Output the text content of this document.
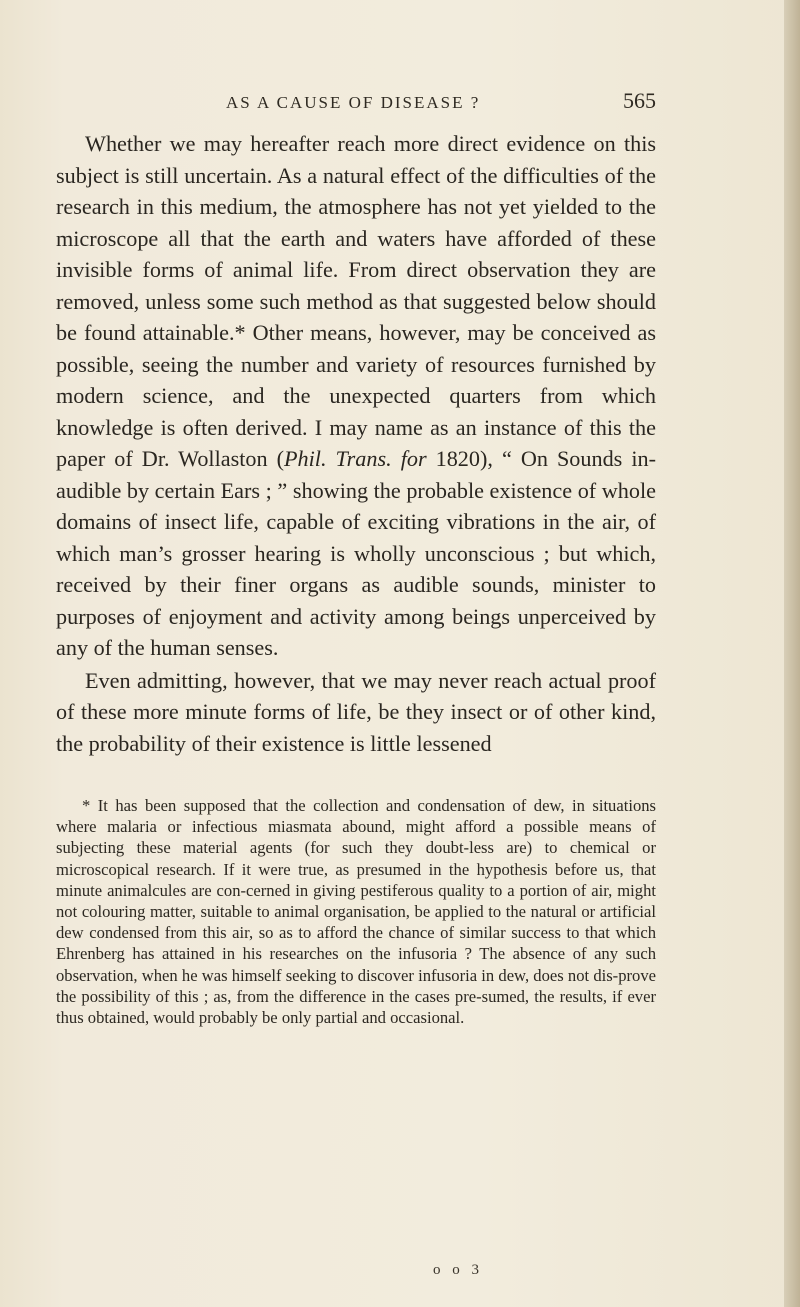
AS A CAUSE OF DISEASE ?	565

Whether we may hereafter reach more direct evidence on this subject is still uncertain. As a natural effect of the difficulties of the research in this medium, the atmosphere has not yet yielded to the microscope all that the earth and waters have afforded of these invisible forms of animal life. From direct observation they are removed, unless some such method as that suggested below should be found attainable.* Other means, however, may be conceived as possible, seeing the number and variety of resources furnished by modern science, and the unexpected quarters from which knowledge is often derived. I may name as an instance of this the paper of Dr. Wollaston (Phil. Trans. for 1820), “ On Sounds in-audible by certain Ears ; ” showing the probable existence of whole domains of insect life, capable of exciting vibrations in the air, of which man’s grosser hearing is wholly unconscious ; but which, received by their finer organs as audible sounds, minister to purposes of enjoyment and activity among beings unperceived by any of the human senses.

Even admitting, however, that we may never reach actual proof of these more minute forms of life, be they insect or of other kind, the probability of their existence is little lessened

* It has been supposed that the collection and condensation of dew, in situations where malaria or infectious miasmata abound, might afford a possible means of subjecting these material agents (for such they doubt-less are) to chemical or microscopical research. If it were true, as presumed in the hypothesis before us, that minute animalcules are con-cerned in giving pestiferous quality to a portion of air, might not colouring matter, suitable to animal organisation, be applied to the natural or artificial dew condensed from this air, so as to afford the chance of similar success to that which Ehrenberg has attained in his researches on the infusoria ? The absence of any such observation, when he was himself seeking to discover infusoria in dew, does not dis-prove the possibility of this ; as, from the difference in the cases pre-sumed, the results, if ever thus obtained, would probably be only partial and occasional.

o o 3
